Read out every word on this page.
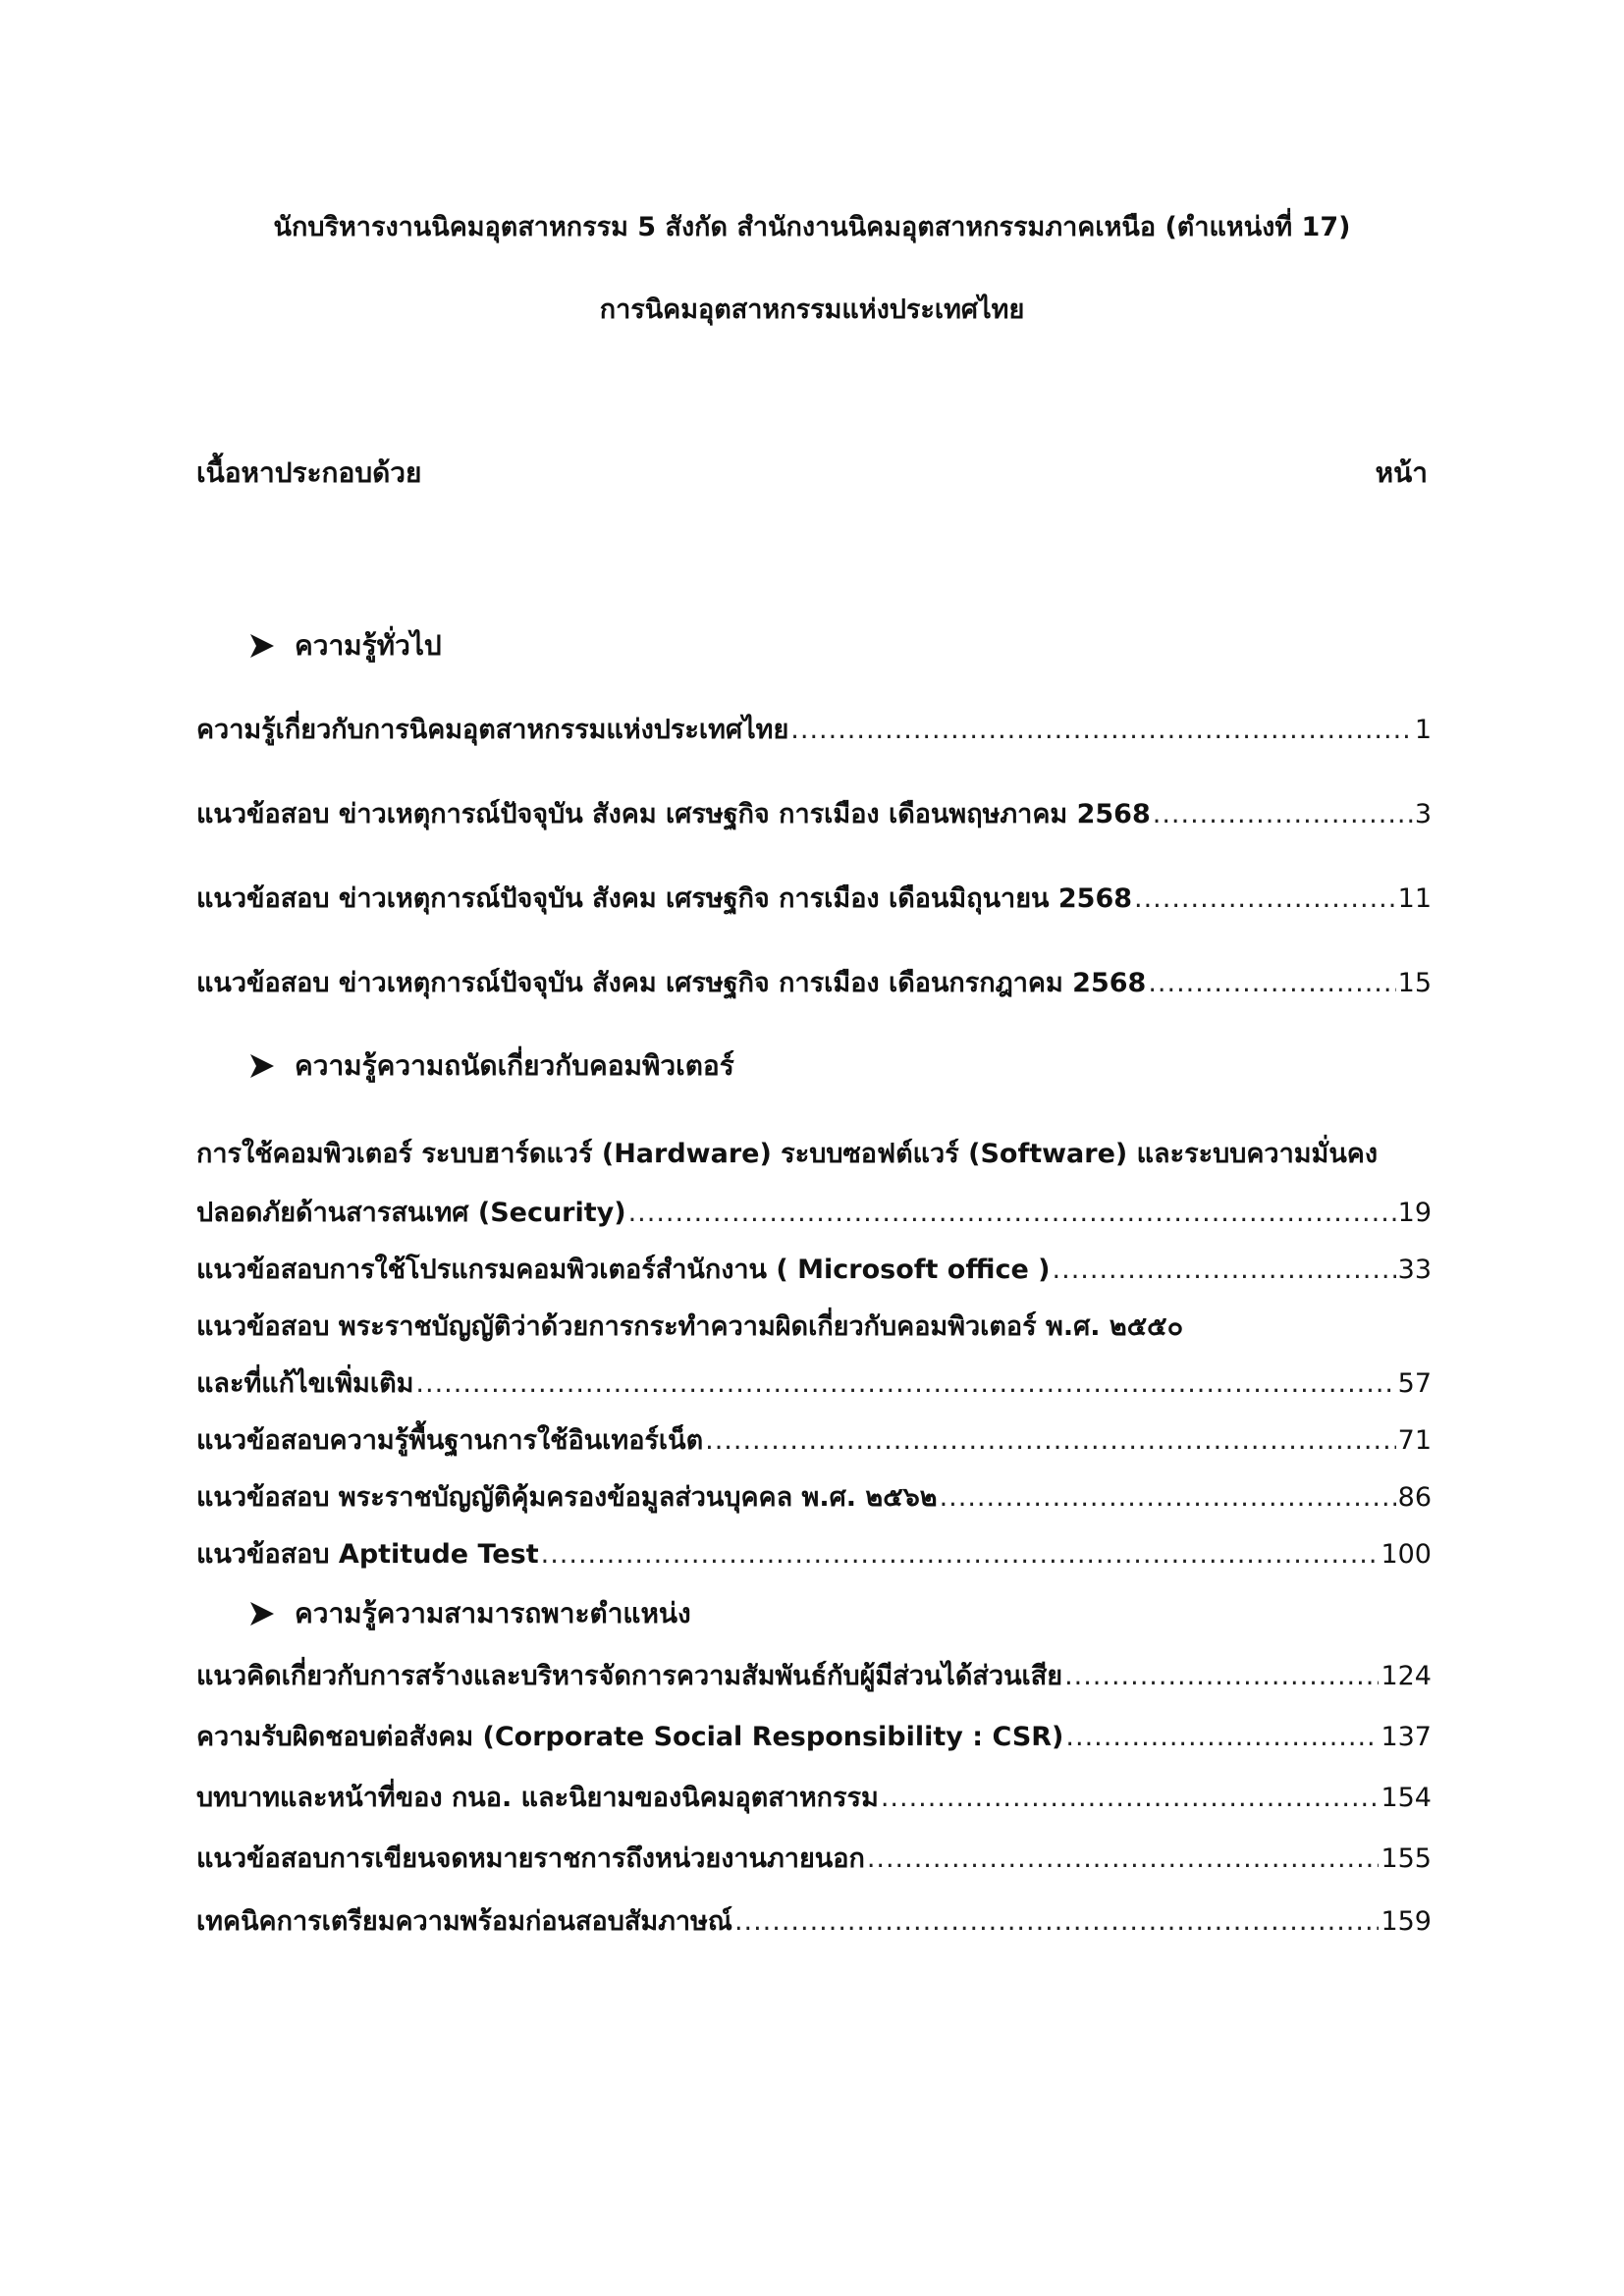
นักบริหารงานนิคมอุตสาหกรรม 5 สังกัด สำนักงานนิคมอุตสาหกรรมภาคเหนือ (ตำแหน่งที่ 17)
การนิคมอุตสาหกรรมแห่งประเทศไทย
เนื้อหาประกอบด้วย	หน้า
ความรู้ทั่วไป
ความรู้เกี่ยวกับการนิคมอุตสาหกรรมแห่งประเทศไทย .....	1
แนวข้อสอบ ข่าวเหตุการณ์ปัจจุบัน สังคม เศรษฐกิจ การเมือง เดือนพฤษภาคม 2568 .....	3
แนวข้อสอบ ข่าวเหตุการณ์ปัจจุบัน สังคม เศรษฐกิจ การเมือง เดือนมิถุนายน 2568 .....	11
แนวข้อสอบ ข่าวเหตุการณ์ปัจจุบัน สังคม เศรษฐกิจ การเมือง เดือนกรกฎาคม 2568 .....	15
ความรู้ความถนัดเกี่ยวกับคอมพิวเตอร์
การใช้คอมพิวเตอร์ ระบบฮาร์ดแวร์ (Hardware) ระบบซอฟต์แวร์ (Software) และระบบความมั่นคง
ปลอดภัยด้านสารสนเทศ (Security) .....	19
แนวข้อสอบการใช้โปรแกรมคอมพิวเตอร์สำนักงาน ( Microsoft office ) .....	33
แนวข้อสอบ พระราชบัญญัติว่าด้วยการกระทำความผิดเกี่ยวกับคอมพิวเตอร์ พ.ศ. ๒๕๕๐
และที่แก้ไขเพิ่มเติม .....	57
แนวข้อสอบความรู้พื้นฐานการใช้อินเทอร์เน็ต .....	71
แนวข้อสอบ พระราชบัญญัติคุ้มครองข้อมูลส่วนบุคคล พ.ศ. ๒๕๖๒ .....	86
แนวข้อสอบ Aptitude Test .....	100
ความรู้ความสามารถพาะตำแหน่ง
แนวคิดเกี่ยวกับการสร้างและบริหารจัดการความสัมพันธ์กับผู้มีส่วนได้ส่วนเสีย .....	124
ความรับผิดชอบต่อสังคม (Corporate Social Responsibility : CSR) .....	137
บทบาทและหน้าที่ของ กนอ. และนิยามของนิคมอุตสาหกรรม .....	154
แนวข้อสอบการเขียนจดหมายราชการถึงหน่วยงานภายนอก .....	155
เทคนิคการเตรียมความพร้อมก่อนสอบสัมภาษณ์ .....	159
